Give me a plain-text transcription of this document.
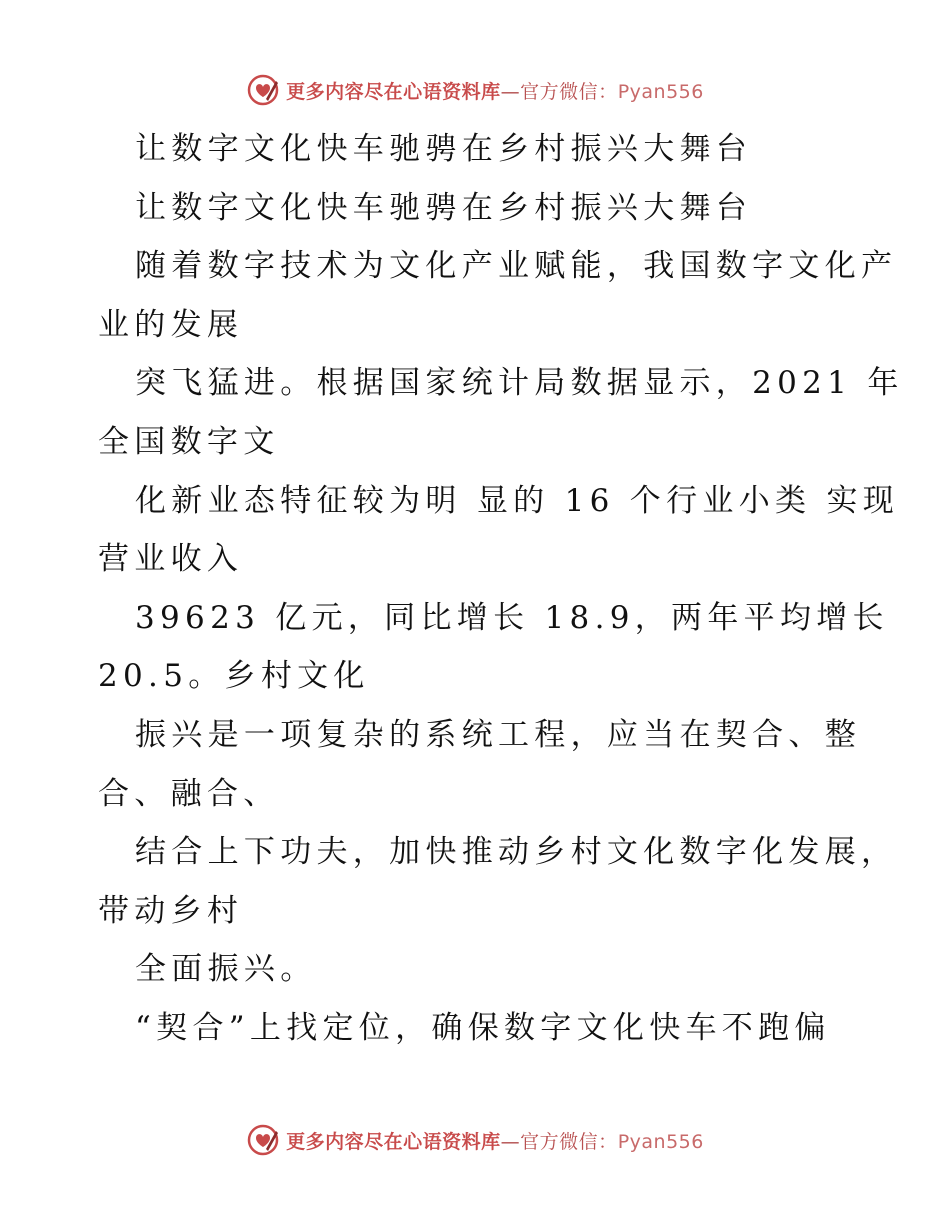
更多内容尽在心语资料库—官方微信：Pyan556
让数字文化快车驰骋在乡村振兴大舞台
让数字文化快车驰骋在乡村振兴大舞台
随着数字技术为文化产业赋能，我国数字文化产
业的发展
突飞猛进。根据国家统计局数据显示，2021 年
全国数字文
化新业态特征较为明 显的 16 个行业小类 实现
营业收入
39623 亿元，同比增长 18.9，两年平均增长
20.5。乡村文化
振兴是一项复杂的系统工程，应当在契合、整
合、融合、
结合上下功夫，加快推动乡村文化数字化发展，
带动乡村
全面振兴。
“契合”上找定位，确保数字文化快车不跑偏
更多内容尽在心语资料库—官方微信：Pyan556
